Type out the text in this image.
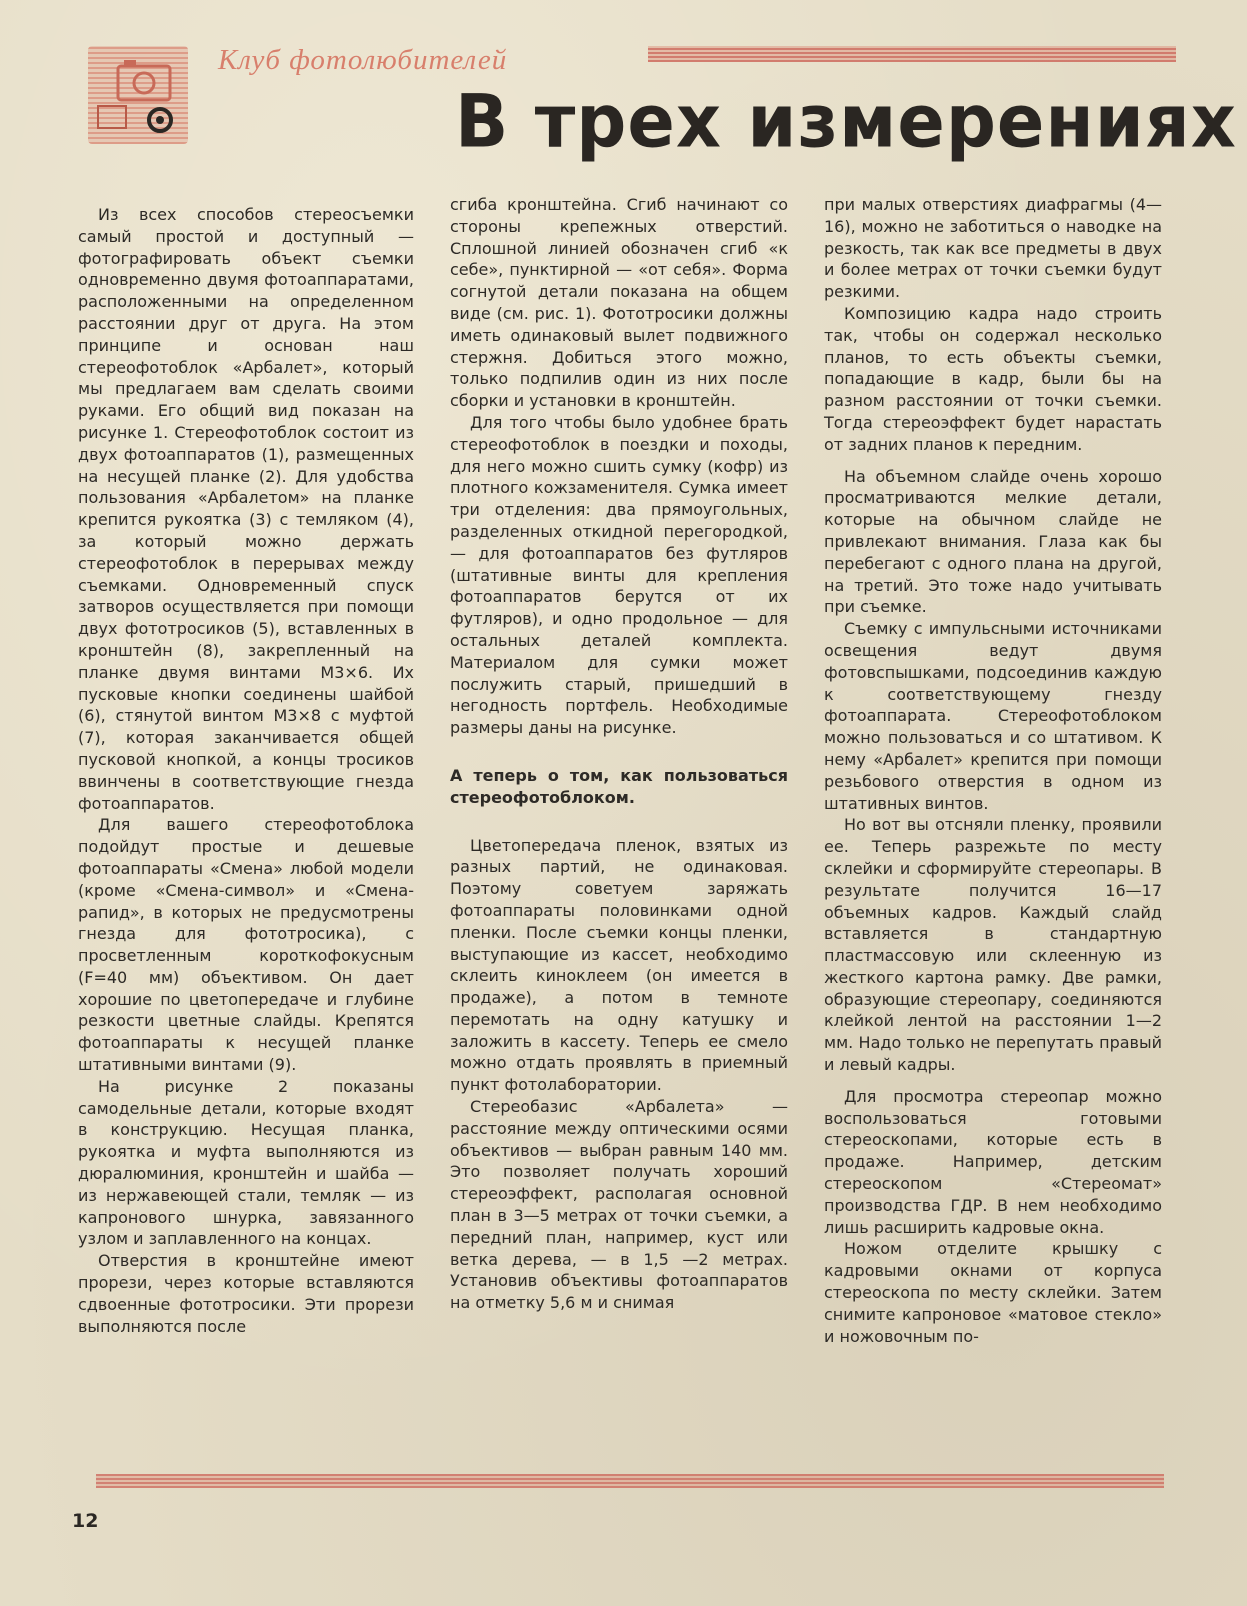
Клуб фотолюбителей
В трех измерениях

Из всех способов стереосъемки самый простой и доступный — фотографировать объект съемки одновременно двумя фотоаппаратами, расположенными на определенном расстоянии друг от друга. На этом принципе и основан наш стереофотоблок «Арбалет», который мы предлагаем вам сделать своими руками. Его общий вид показан на рисунке 1. Стереофотоблок состоит из двух фотоаппаратов (1), размещенных на несущей планке (2). Для удобства пользования «Арбалетом» на планке крепится рукоятка (3) с темляком (4), за который можно держать стереофотоблок в перерывах между съемками. Одновременный спуск затворов осуществляется при помощи двух фототросиков (5), вставленных в кронштейн (8), закрепленный на планке двумя винтами М3×6. Их пусковые кнопки соединены шайбой (6), стянутой винтом М3×8 с муфтой (7), которая заканчивается общей пусковой кнопкой, а концы тросиков ввинчены в соответствующие гнезда фотоаппаратов.

Для вашего стереофотоблока подойдут простые и дешевые фотоаппараты «Смена» любой модели (кроме «Смена-символ» и «Смена-рапид», в которых не предусмотрены гнезда для фототросика), с просветленным короткофокусным (F=40 мм) объективом. Он дает хорошие по цветопередаче и глубине резкости цветные слайды. Крепятся фотоаппараты к несущей планке штативными винтами (9).

На рисунке 2 показаны самодельные детали, которые входят в конструкцию. Несущая планка, рукоятка и муфта выполняются из дюралюминия, кронштейн и шайба — из нержавеющей стали, темляк — из капронового шнурка, завязанного узлом и заплавленного на концах.

Отверстия в кронштейне имеют прорези, через которые вставляются сдвоенные фототросики. Эти прорези выполняются после

сгиба кронштейна. Сгиб начинают со стороны крепежных отверстий. Сплошной линией обозначен сгиб «к себе», пунктирной — «от себя». Форма согнутой детали показана на общем виде (см. рис. 1). Фототросики должны иметь одинаковый вылет подвижного стержня. Добиться этого можно, только подпилив один из них после сборки и установки в кронштейн.

Для того чтобы было удобнее брать стереофотоблок в поездки и походы, для него можно сшить сумку (кофр) из плотного кожзаменителя. Сумка имеет три отделения: два прямоугольных, разделенных откидной перегородкой, — для фотоаппаратов без футляров (штативные винты для крепления фотоаппаратов берутся от их футляров), и одно продольное — для остальных деталей комплекта. Материалом для сумки может послужить старый, пришедший в негодность портфель. Необходимые размеры даны на рисунке.

А теперь о том, как пользоваться стереофотоблоком.

Цветопередача пленок, взятых из разных партий, не одинаковая. Поэтому советуем заряжать фотоаппараты половинками одной пленки. После съемки концы пленки, выступающие из кассет, необходимо склеить киноклеем (он имеется в продаже), а потом в темноте перемотать на одну катушку и заложить в кассету. Теперь ее смело можно отдать проявлять в приемный пункт фотолаборатории.

Стереобазис «Арбалета» — расстояние между оптическими осями объективов — выбран равным 140 мм. Это позволяет получать хороший стереоэффект, располагая основной план в 3—5 метрах от точки съемки, а передний план, например, куст или ветка дерева, — в 1,5 —2 метрах. Установив объективы фотоаппаратов на отметку 5,6 м и снимая

при малых отверстиях диафрагмы (4—16), можно не заботиться о наводке на резкость, так как все предметы в двух и более метрах от точки съемки будут резкими.

Композицию кадра надо строить так, чтобы он содержал несколько планов, то есть объекты съемки, попадающие в кадр, были бы на разном расстоянии от точки съемки. Тогда стереоэффект будет нарастать от задних планов к передним.

На объемном слайде очень хорошо просматриваются мелкие детали, которые на обычном слайде не привлекают внимания. Глаза как бы перебегают с одного плана на другой, на третий. Это тоже надо учитывать при съемке.

Съемку с импульсными источниками освещения ведут двумя фотовспышками, подсоединив каждую к соответствующему гнезду фотоаппарата. Стереофотоблоком можно пользоваться и со штативом. К нему «Арбалет» крепится при помощи резьбового отверстия в одном из штативных винтов.

Но вот вы отсняли пленку, проявили ее. Теперь разрежьте по месту склейки и сформируйте стереопары. В результате получится 16—17 объемных кадров. Каждый слайд вставляется в стандартную пластмассовую или склеенную из жесткого картона рамку. Две рамки, образующие стереопару, соединяются клейкой лентой на расстоянии 1—2 мм. Надо только не перепутать правый и левый кадры.

Для просмотра стереопар можно воспользоваться готовыми стереоскопами, которые есть в продаже. Например, детским стереоскопом «Стереомат» производства ГДР. В нем необходимо лишь расширить кадровые окна.

Ножом отделите крышку с кадровыми окнами от корпуса стереоскопа по месту склейки. Затем снимите капроновое «матовое стекло» и ножовочным по-

12
